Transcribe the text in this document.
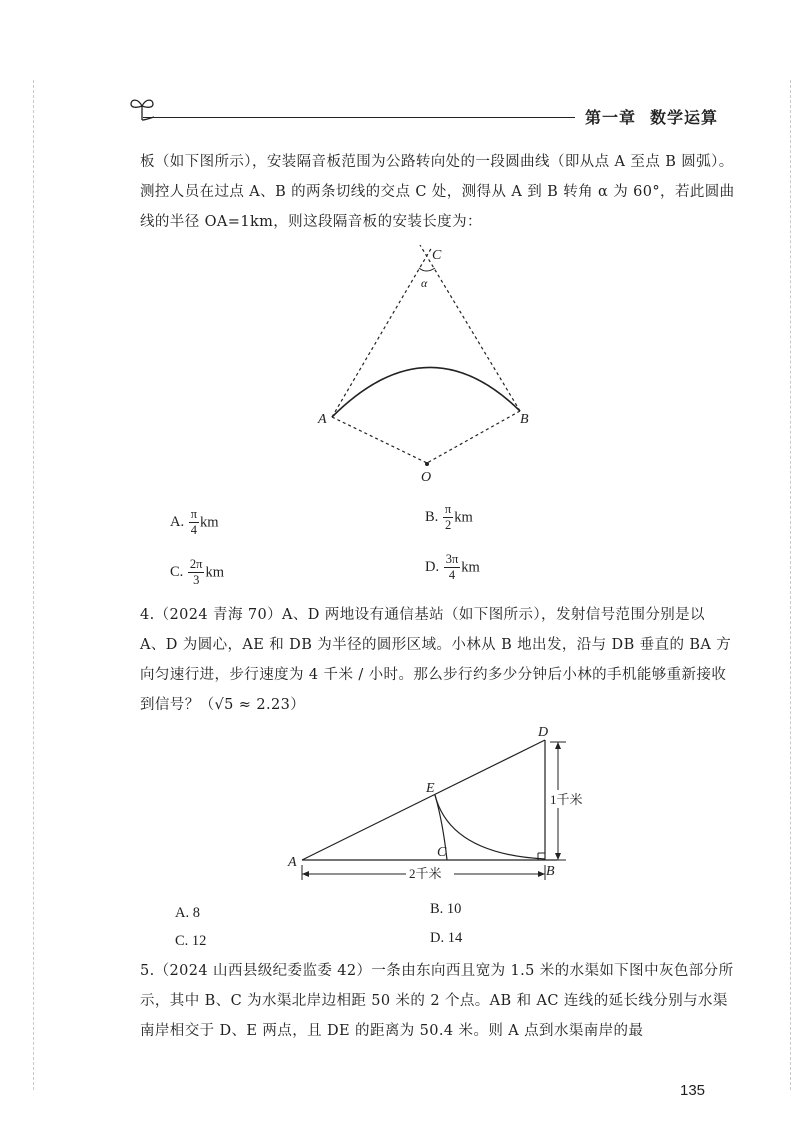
第一章 数学运算

板（如下图所示），安装隔音板范围为公路转向处的一段圆曲线（即从点 A 至点 B 圆弧）。测控人员在过点 A、B 的两条切线的交点 C 处，测得从 A 到 B 转角 α 为 60°，若此圆曲线的半径 OA=1km，则这段隔音板的安装长度为：

C
α
A	B
O
A. $\frac{\pi}{4}$ km	B. $\frac{\pi}{2}$ km
C. $\frac{2\pi}{3}$ km	D. $\frac{3\pi}{4}$ km

4.（2024 青海 70）A、D 两地设有通信基站（如下图所示），发射信号范围分别是以 A、D 为圆心，AE 和 DB 为半径的圆形区域。小林从 B 地出发，沿与 DB 垂直的 BA 方向匀速行进，步行速度为 4 千米 / 小时。那么步行约多少分钟后小林的手机能够重新接收到信号？（√5 ≈ 2.23）

D
E
A
C
B
1千米
2千米
A. 8	B. 10
C. 12	D. 14

5.（2024 山西县级纪委监委 42）一条由东向西且宽为 1.5 米的水渠如下图中灰色部分所示，其中 B、C 为水渠北岸边相距 50 米的 2 个点。AB 和 AC 连线的延长线分别与水渠南岸相交于 D、E 两点，且 DE 的距离为 50.4 米。则 A 点到水渠南岸的最

135
